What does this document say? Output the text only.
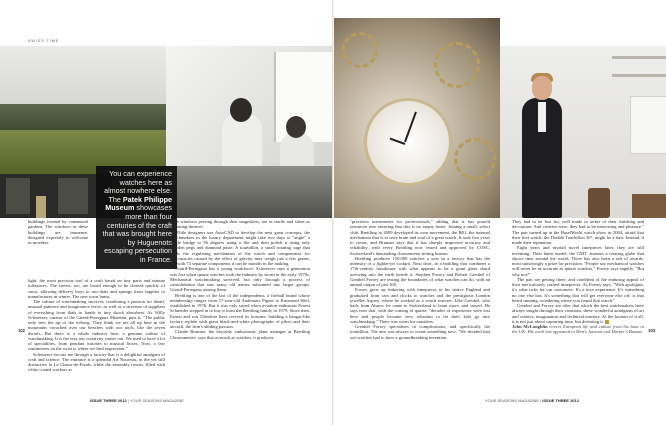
SWISS TIME
You can experience watches here as almost nowhere else. The Patek Philippe Museum showcases more than four centuries of the craft that was brought here by Huguenots escaping persecution in France.

buildings fronted by communal gardens. The windows in these buildings are immense, designed expressly to welcome in nowhere

light, the most precious tool of a craft based on tiny parts and minute tolerances. The streets, too, are broad enough to be cleared quickly of snow, allowing delivery boys to run dials and springs from supplier to manufacturer in winter. The new town hums.

The culture of watchmaking survives, combining a passion for detail, unusual patience and imaginative verve, as well as a structure of suppliers of everything from dials to hands to tiny shock absorbers. As Willy Schweizer, curator of the Girard-Perregaux Museum, puts it, "The public only sees the tip of the iceberg. They think we are all up here in the mountains crouched over our benches with our tools, like the seven dwarfs. But there is a whole industry here, a genuine culture of watchmaking. It is the way our creativity comes out. We used to have a lot of specialities, from pendant watches to musical boxes. Now, a few centimetres on the wrist is where we find expression."

Schweizer escorts me through a factory that is a delightful amalgam of craft and science. The entrance is a splendid Art Nouveau, in the yet still distinctive la La Chaux-de-Fonds, while the assembly rooms, filled with white coated workers at

huge windows peering through their magnifiers, are as sterile and silent as operating theatres.

While designers use AutoCAD to develop the next great concepts, the watchmakers in the luxury department might take two days to "angle" a single bridge to 56 degrees using a file and then polish it using only wooden pegs and diamond paste. A tourbillon, a small rotating cage that holds the regulating mechanism of the watch and compensates for inaccuracies caused by the effect of gravity, may weigh just a few grams, but with 73 separate components it can be months in the making.

Girard-Perregaux has a young workforce. Schweizer says a generation was lost when quartz watches took the industry by storm in the early 1970s. Mechanical watchmaking survived, but only through a process of consolidation that saw many old names subsumed into larger groups, Girard-Perregaux among them.

Breitling is one of the last of the independents, a fireball brand whose membership ranges from 17-year-old Audemars Piguet to Raymond Weil, established in 1976. But it was only saved when aviation enthusiast Ernest Schneider stepped in to buy it from the Breitling family in 1979. Since then, Ernest and son Théodore have revived its fortunes, building a hangar-like factory replete with giant black-and-white photographs of pilots and their aircraft, the firm's abiding passion.

Claude Brunner, the boyishly enthusiastic plant manager at Breitling Chronometrie, says that as much as watches, it produces

"precision instruments for professionals," adding that it has poured resources into ensuring that this is no empty boast. Joining a small, select club, Breitling in 2009 developed its own movement, the B01, the internal mechanism that is at once brain and soul of a great watch. It took five years to create, and Brunner says that it has sharply improved accuracy and reliability, with every Breitling now tested and approved by COSC, Switzerland's demanding chronometer testing bureau.

Breitling produces 150,000 watches a year in a factory that has the intensity of a fighter-jet cockpit. Next door, in a building that combines a 17th-century farmhouse with what appears to be a giant glass shard arrowing into the earth beside it, Stephen Forsey and Robert Greubel of Greubel Forsey are testing the boundaries of what watches can do, with an annual output of just 100.

Forsey grew up tinkering with timepieces in his native England and graduated from cars and clocks to watches and the prestigious London jeweller Asprey, where he worked as a watch restorer. Like Greubel, who hails from Alsace, he came to Switzerland to learn more, and stayed. He says now that, with the coming of quartz, "decades of experience were lost here and people became very reluctant to let their kids go into watchmaking." There was room for outsiders.

Greubel Forsey specialises in complications, and specifically the tourbillon. The aim was always to create something new: "We decided that our watches had to have a groundbreaking invention.

They had to be box fut, well made in terms of their finishing and decoration. And creative-wise, they had to be interesting and pleasure." The pair turned up at the BaselWorld watch show in 2004, afraid that their first watch, the Double Tourbillon 30°, might be a bust. Instead, it made their reputation.

Eight years and myriad novel timepieces later, they are still inventing. Their latest model, the GMT, features a rotating globe that shows time around the world. There has also been a raft of awards, most satisfyingly a prize for precision. "People say mechanical watches will never be as accurate as quartz watches," Forsey says eagerly. "But why not?"

The pair are getting there, and confident of the enduring appeal of their meticulously crafted timepieces. As Forsey says, "With apologies, it's what ticks for our customers. It's a nice experience. It's something no one else has. It's something that will get everyone else off: is that heard running, wondering where you found that watch."

Greubel and Forsey are after that which the best watchmakers have always sought through their creations, these wonderful amalgams of art and science, imagination and technical mastery. At the bottom of it all, it is not just about capturing time, but defeating it.

John McLaughlin covers European life and culture from his base in the UK. His work has appeared in Men's Journal and Harper's Bazaar.

102	103
ISSUE THREE 2012 | YOUR SEASONS MAGAZINE	YOUR SEASONS MAGAZINE | ISSUE THREE 2012
